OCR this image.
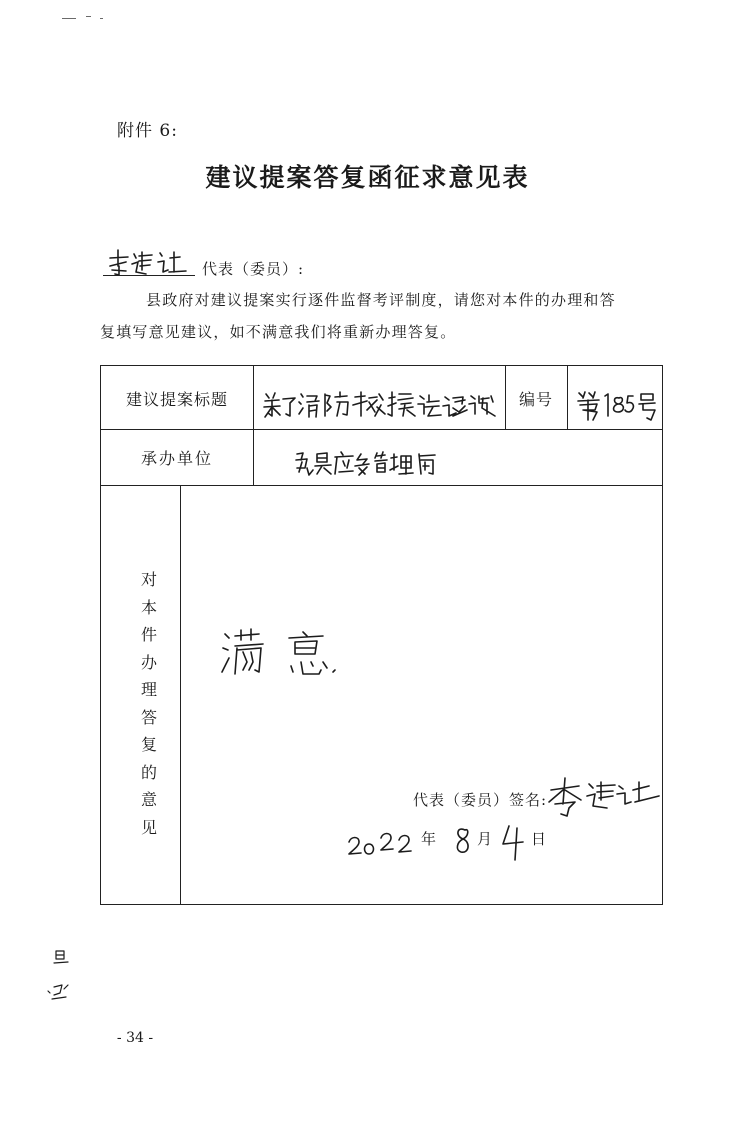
附件 6:
建议提案答复函征求意见表
代表（委员）:
县政府对建议提案实行逐件监督考评制度，请您对本件的办理和答
复填写意见建议，如不满意我们将重新办理答复。
建议提案标题	编号
承办单位
对本件办理答复的意见
代表（委员）签名:
年	月	日
- 34 -
